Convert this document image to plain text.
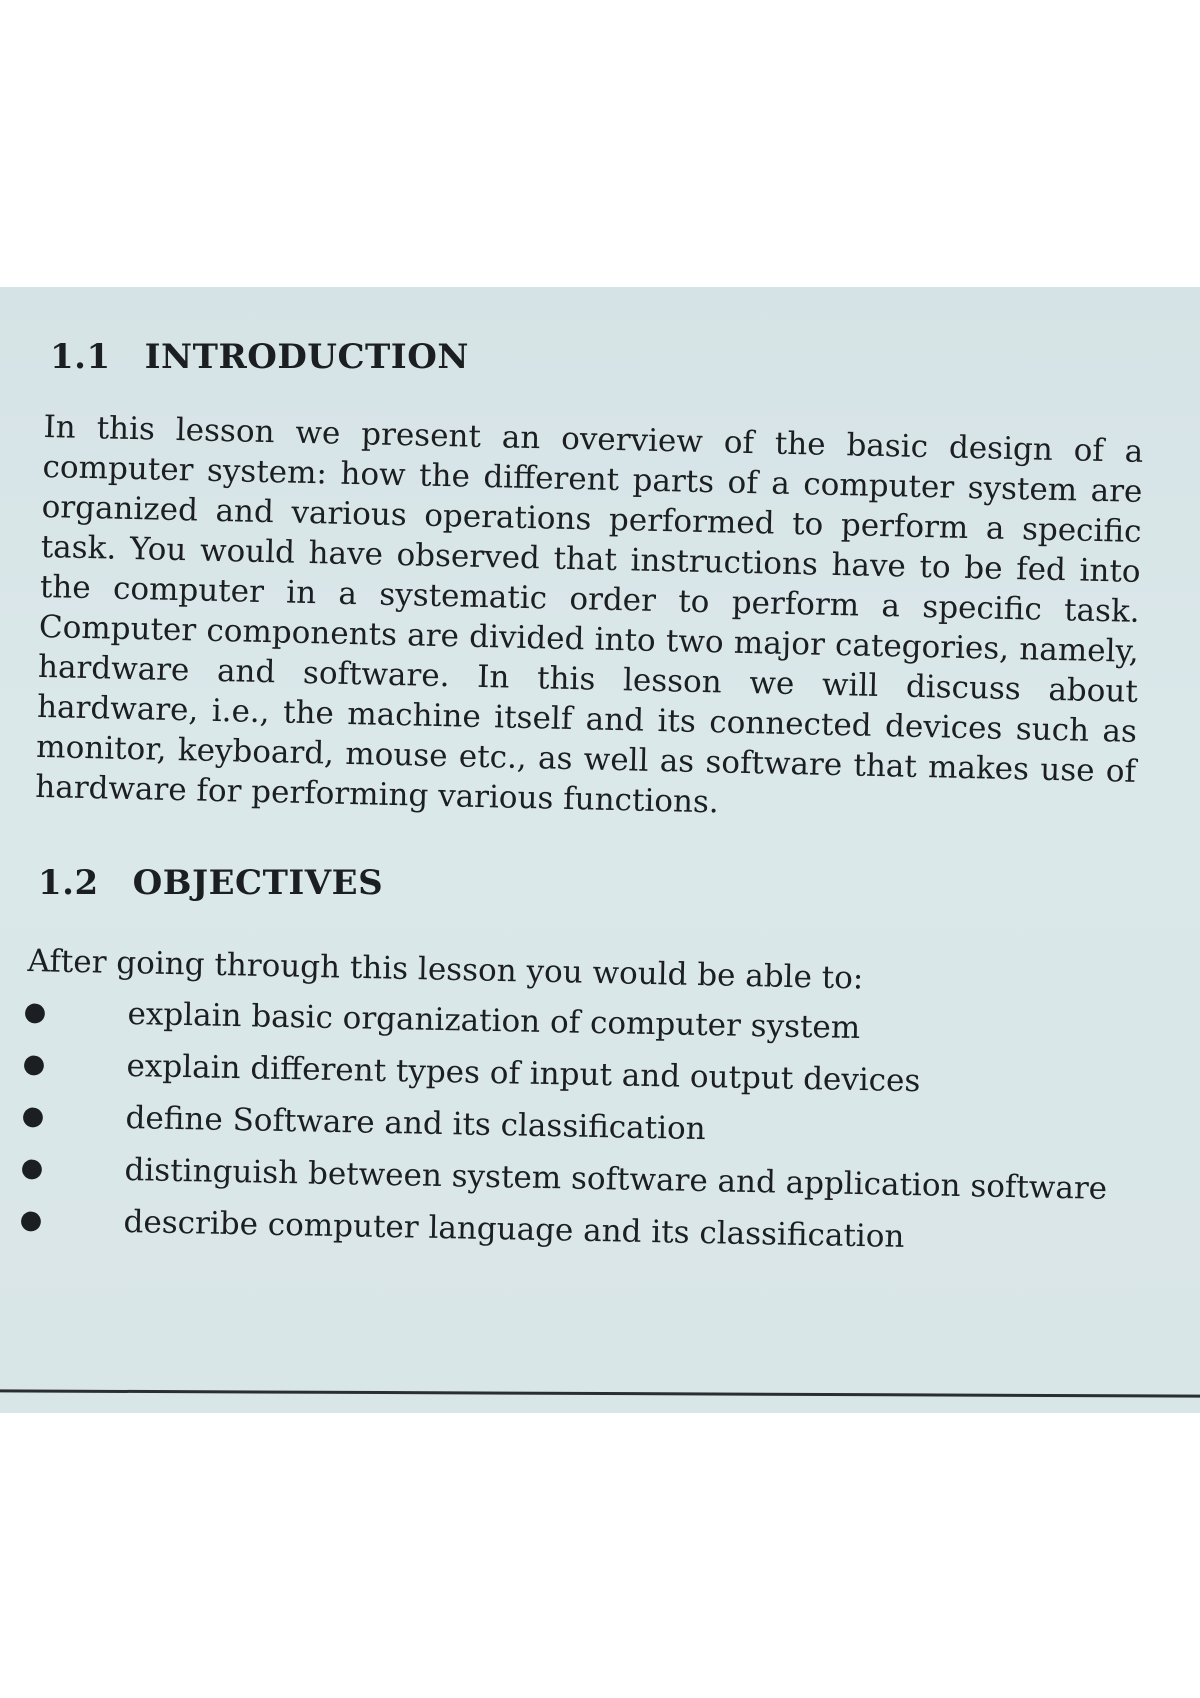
1.1 INTRODUCTION

In this lesson we present an overview of the basic design of a computer system: how the different parts of a computer system are organized and various operations performed to perform a specific task. You would have observed that instructions have to be fed into the computer in a systematic order to perform a specific task. Computer components are divided into two major categories, namely, hardware and software. In this lesson we will discuss about hardware, i.e., the machine itself and its connected devices such as monitor, keyboard, mouse etc., as well as software that makes use of hardware for performing various functions.

1.2 OBJECTIVES

After going through this lesson you would be able to:

●	explain basic organization of computer system
●	explain different types of input and output devices
●	define Software and its classification
●	distinguish between system software and application software
●	describe computer language and its classification
